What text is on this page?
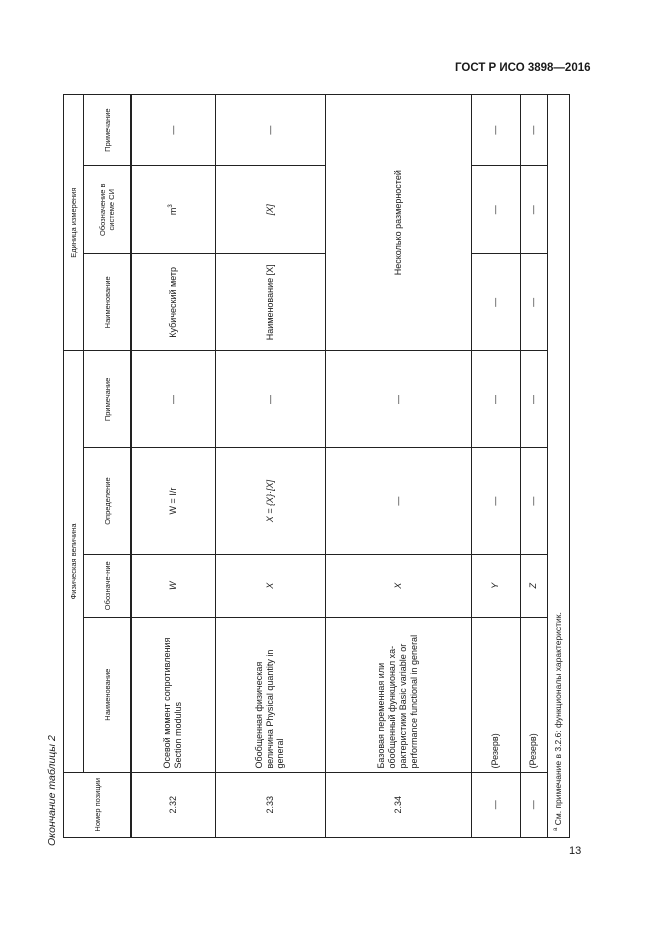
ГОСТ Р ИСО 3898—2016
Окончание таблицы 2	Номер позиции	Физическая величина				Единица измерения		
	Наименование	Обозначе-ние	Определение	Примечание	Наименование	Обозначение в системе СИ	Примечание
2.32	Осевой момент сопротивления Section modulus	W	W = I/r	—	Кубический метр	$m^3$	—
2.33	Обобщенная физическая величина Physical quantity in general	X	X = {X}·[X]	—	Наименование [X]	[X]	—
2.34	Базовая переменная или обобщенный функционал ха-рактеристики Basic variable or performance functional in general	X	—	—	Несколько размерностей		
—	(Резерв)	Y	—	—	—	—	—
—	(Резерв)	Z	—	—	—	—	—
$^а$ См. примечание в 3.2.6: функционалы характеристик.							
13
